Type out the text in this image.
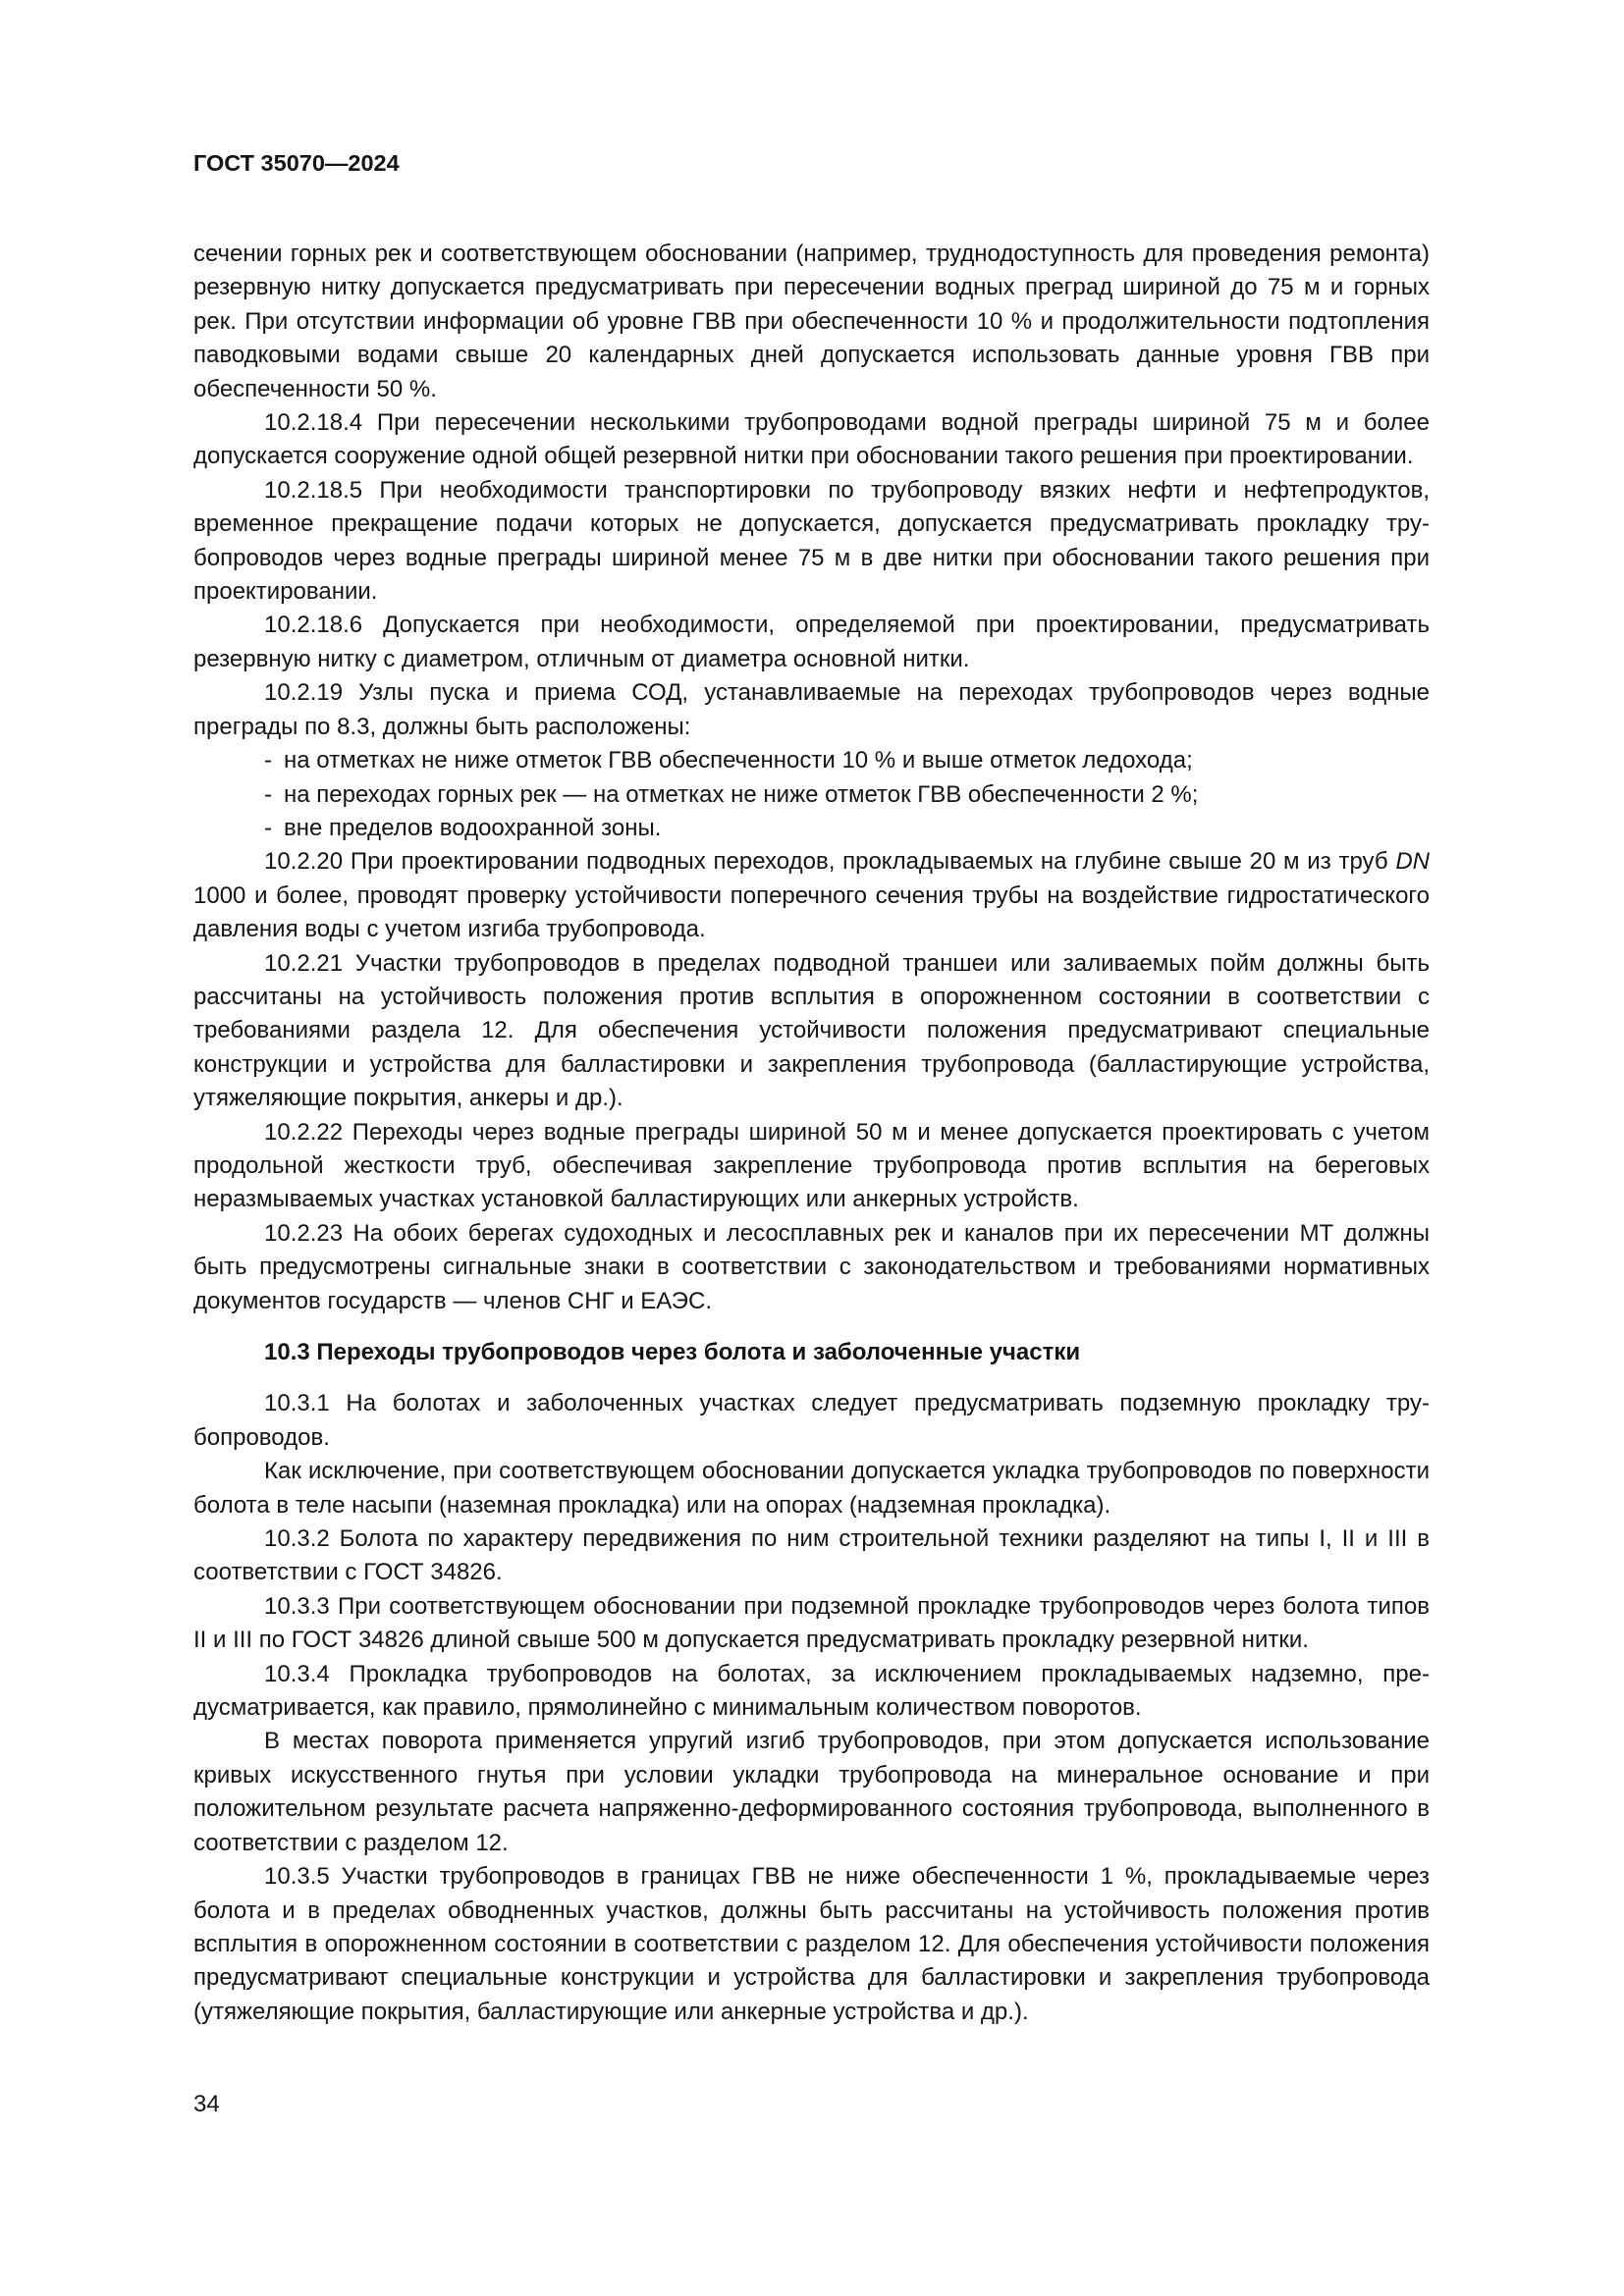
ГОСТ 35070—2024

сечении горных рек и соответствующем обосновании (например, труднодоступность для проведения ремонта) резервную нитку допускается предусматривать при пересечении водных преград шириной до 75 м и горных рек. При отсутствии информации об уровне ГВВ при обеспеченности 10 % и продолжительности подтопления паводковыми водами свыше 20 календарных дней допускается использовать данные уровня ГВВ при обеспеченности 50 %.

10.2.18.4 При пересечении несколькими трубопроводами водной преграды шириной 75 м и более допускается сооружение одной общей резервной нитки при обосновании такого решения при проектировании.

10.2.18.5 При необходимости транспортировки по трубопроводу вязких нефти и нефтепродуктов, временное прекращение подачи которых не допускается, допускается предусматривать прокладку трубопроводов через водные преграды шириной менее 75 м в две нитки при обосновании такого решения при проектировании.

10.2.18.6 Допускается при необходимости, определяемой при проектировании, предусматривать резервную нитку с диаметром, отличным от диаметра основной нитки.

10.2.19 Узлы пуска и приема СОД, устанавливаемые на переходах трубопроводов через водные преграды по 8.3, должны быть расположены:

- на отметках не ниже отметок ГВВ обеспеченности 10 % и выше отметок ледохода;

- на переходах горных рек — на отметках не ниже отметок ГВВ обеспеченности 2 %;

- вне пределов водоохранной зоны.

10.2.20 При проектировании подводных переходов, прокладываемых на глубине свыше 20 м из труб DN 1000 и более, проводят проверку устойчивости поперечного сечения трубы на воздействие гидростатического давления воды с учетом изгиба трубопровода.

10.2.21 Участки трубопроводов в пределах подводной траншеи или заливаемых пойм должны быть рассчитаны на устойчивость положения против всплытия в опорожненном состоянии в соответствии с требованиями раздела 12. Для обеспечения устойчивости положения предусматривают специальные конструкции и устройства для балластировки и закрепления трубопровода (балластирующие устройства, утяжеляющие покрытия, анкеры и др.).

10.2.22 Переходы через водные преграды шириной 50 м и менее допускается проектировать с учетом продольной жесткости труб, обеспечивая закрепление трубопровода против всплытия на береговых неразмываемых участках установкой балластирующих или анкерных устройств.

10.2.23 На обоих берегах судоходных и лесосплавных рек и каналов при их пересечении МТ должны быть предусмотрены сигнальные знаки в соответствии с законодательством и требованиями нормативных документов государств — членов СНГ и ЕАЭС.

10.3 Переходы трубопроводов через болота и заболоченные участки

10.3.1 На болотах и заболоченных участках следует предусматривать подземную прокладку трубопроводов.

Как исключение, при соответствующем обосновании допускается укладка трубопроводов по поверхности болота в теле насыпи (наземная прокладка) или на опорах (надземная прокладка).

10.3.2 Болота по характеру передвижения по ним строительной техники разделяют на типы I, II и III в соответствии с ГОСТ 34826.

10.3.3 При соответствующем обосновании при подземной прокладке трубопроводов через болота типов II и III по ГОСТ 34826 длиной свыше 500 м допускается предусматривать прокладку резервной нитки.

10.3.4 Прокладка трубопроводов на болотах, за исключением прокладываемых надземно, предусматривается, как правило, прямолинейно с минимальным количеством поворотов.

В местах поворота применяется упругий изгиб трубопроводов, при этом допускается использование кривых искусственного гнутья при условии укладки трубопровода на минеральное основание и при положительном результате расчета напряженно-деформированного состояния трубопровода, выполненного в соответствии с разделом 12.

10.3.5 Участки трубопроводов в границах ГВВ не ниже обеспеченности 1 %, прокладываемые через болота и в пределах обводненных участков, должны быть рассчитаны на устойчивость положения против всплытия в опорожненном состоянии в соответствии с разделом 12. Для обеспечения устойчивости положения предусматривают специальные конструкции и устройства для балластировки и закрепления трубопровода (утяжеляющие покрытия, балластирующие или анкерные устройства и др.).

34
